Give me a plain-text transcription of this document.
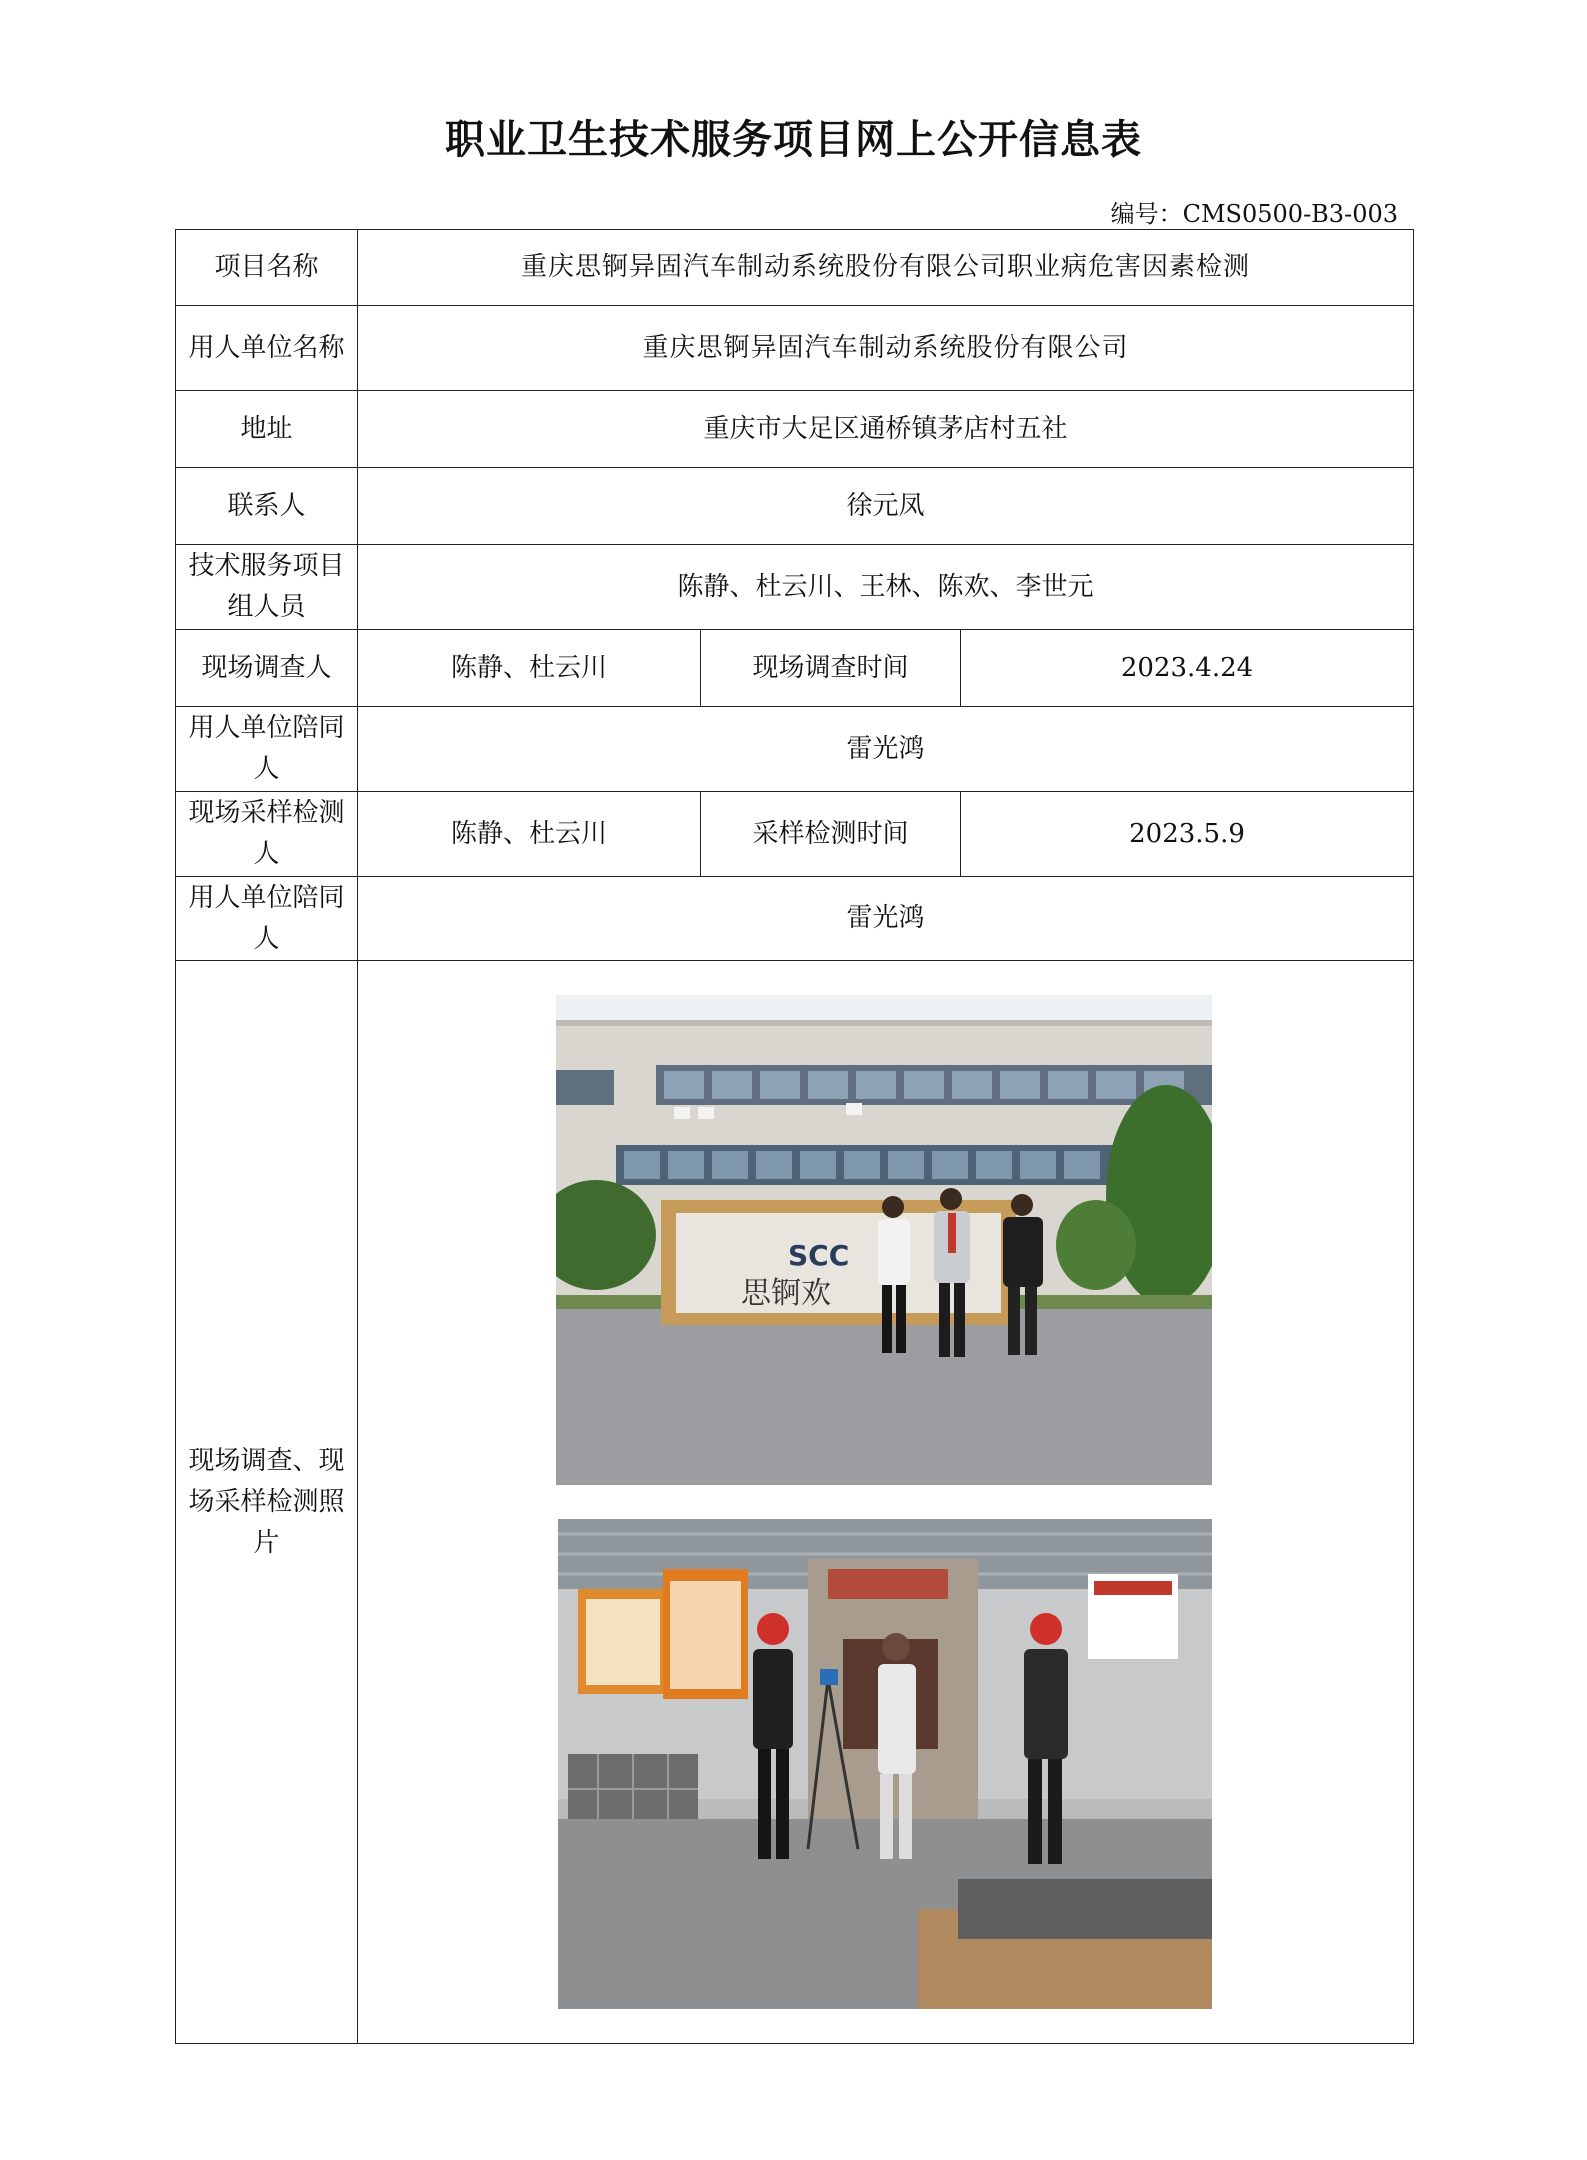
职业卫生技术服务项目网上公开信息表
编号：CMS0500-B3-003
项目名称	重庆思锕异固汽车制动系统股份有限公司职业病危害因素检测		
用人单位名称	重庆思锕异固汽车制动系统股份有限公司		
地址	重庆市大足区通桥镇茅店村五社		
联系人	徐元凤		
技术服务项目组人员	陈静、杜云川、王林、陈欢、李世元		
现场调查人	陈静、杜云川	现场调查时间	2023.4.24
用人单位陪同人	雷光鸿		
现场采样检测人	陈静、杜云川	采样检测时间	2023.5.9
用人单位陪同人	雷光鸿		
现场调查、现场采样检测照片	SCC
思锕欢		
